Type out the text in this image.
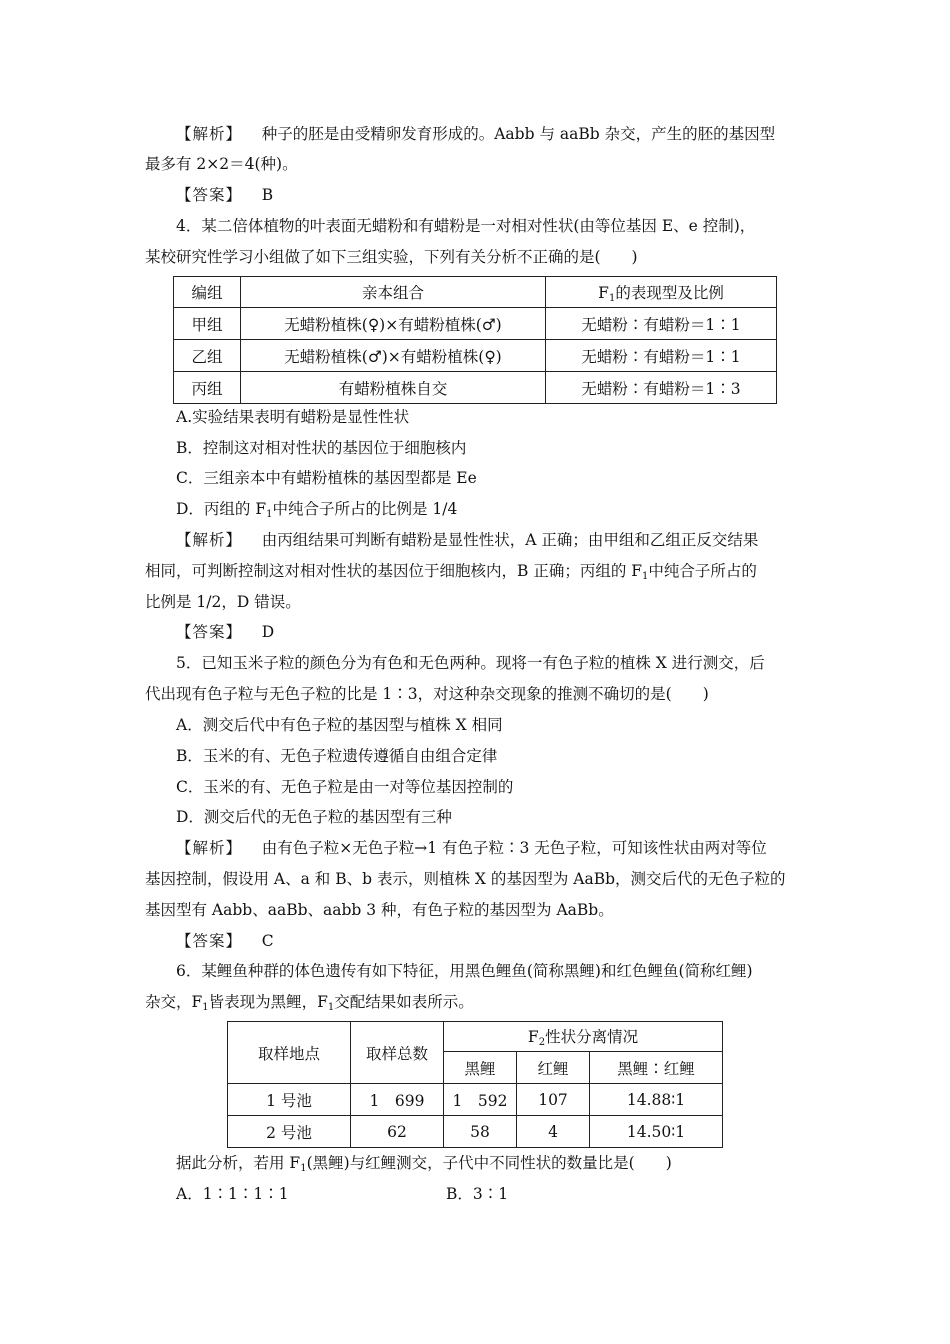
【解析】 种子的胚是由受精卵发育形成的。Aabb 与 aaBb 杂交，产生的胚的基因型
最多有 2×2＝4(种)。
【答案】 B
4．某二倍体植物的叶表面无蜡粉和有蜡粉是一对相对性状(由等位基因 E、e 控制)，
某校研究性学习小组做了如下三组实验，下列有关分析不正确的是(　　)
编组	亲本组合	$F_1$的表现型及比例
甲组	无蜡粉植株(♀)×有蜡粉植株(♂)	无蜡粉∶有蜡粉＝1∶1
乙组	无蜡粉植株(♂)×有蜡粉植株(♀)	无蜡粉∶有蜡粉＝1∶1
丙组	有蜡粉植株自交	无蜡粉∶有蜡粉＝1∶3
A.实验结果表明有蜡粉是显性性状
B．控制这对相对性状的基因位于细胞核内
C．三组亲本中有蜡粉植株的基因型都是 Ee
D．丙组的 $F_1$中纯合子所占的比例是 1/4
【解析】 由丙组结果可判断有蜡粉是显性性状，A 正确；由甲组和乙组正反交结果
相同，可判断控制这对相对性状的基因位于细胞核内，B 正确；丙组的 $F_1$中纯合子所占的
比例是 1/2，D 错误。
【答案】 D
5．已知玉米子粒的颜色分为有色和无色两种。现将一有色子粒的植株 X 进行测交，后
代出现有色子粒与无色子粒的比是 1∶3，对这种杂交现象的推测不确切的是(　　)
A．测交后代中有色子粒的基因型与植株 X 相同
B．玉米的有、无色子粒遗传遵循自由组合定律
C．玉米的有、无色子粒是由一对等位基因控制的
D．测交后代的无色子粒的基因型有三种
【解析】 由有色子粒×无色子粒→1 有色子粒∶3 无色子粒，可知该性状由两对等位
基因控制，假设用 A、a 和 B、b 表示，则植株 X 的基因型为 AaBb，测交后代的无色子粒的
基因型有 Aabb、aaBb、aabb 3 种，有色子粒的基因型为 AaBb。
【答案】 C
6．某鲤鱼种群的体色遗传有如下特征，用黑色鲤鱼(简称黑鲤)和红色鲤鱼(简称红鲤)
杂交，$F_1$皆表现为黑鲤，$F_1$交配结果如表所示。
取样地点	取样总数	$F_2$性状分离情况		
		黑鲤	红鲤	黑鲤∶红鲤
1 号池	1　699	1　592	107	14.88∶1
2 号池	62	58	4	14.50∶1
据此分析，若用 $F_1$(黑鲤)与红鲤测交，子代中不同性状的数量比是(　　)
A．1∶1∶1∶1	B．3∶1
